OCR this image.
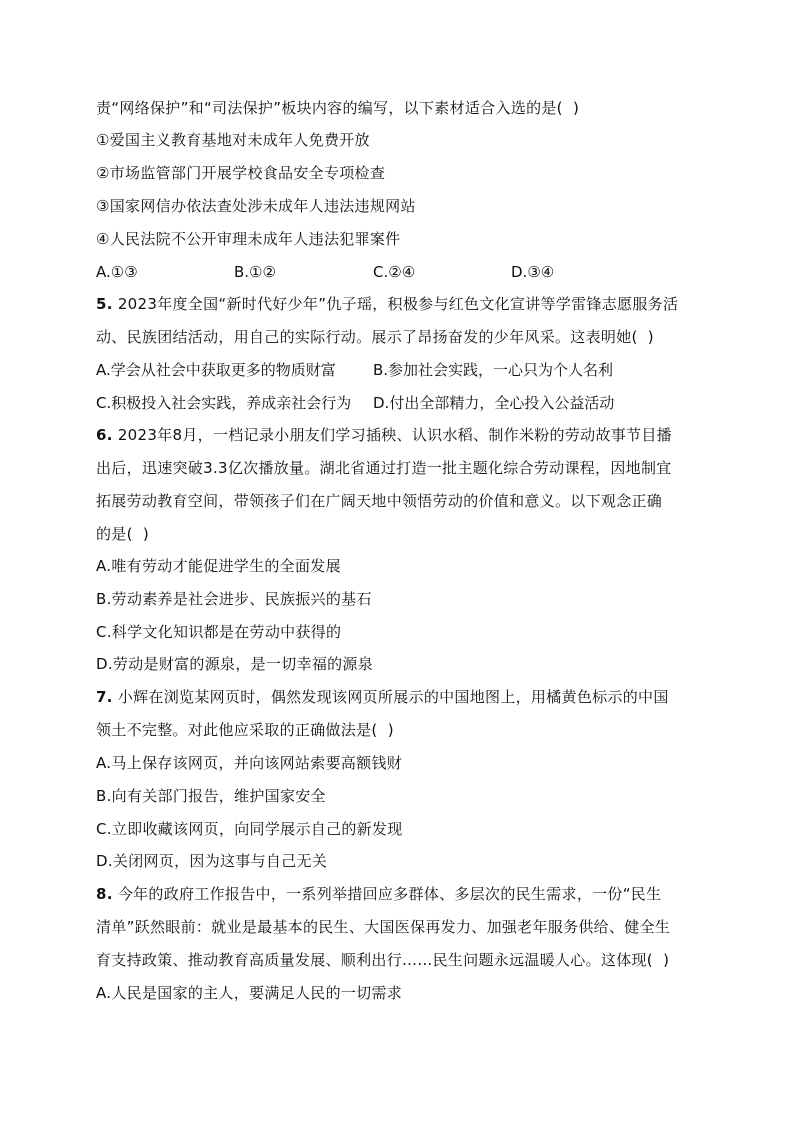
责“网络保护”和“司法保护”板块内容的编写，以下素材适合入选的是(  )
①爱国主义教育基地对未成年人免费开放
②市场监管部门开展学校食品安全专项检查
③国家网信办依法查处涉未成年人违法违规网站
④人民法院不公开审理未成年人违法犯罪案件
A.①③	B.①②	C.②④	D.③④
5. 2023年度全国“新时代好少年”仇子瑶，积极参与红色文化宣讲等学雷锋志愿服务活
动、民族团结活动，用自己的实际行动。展示了昂扬奋发的少年风采。这表明她(  )
A.学会从社会中获取更多的物质财富 B.参加社会实践，一心只为个人名利
C.积极投入社会实践，养成亲社会行为 D.付出全部精力，全心投入公益活动
6. 2023年8月，一档记录小朋友们学习插秧、认识水稻、制作米粉的劳动故事节目播
出后，迅速突破3.3亿次播放量。湖北省通过打造一批主题化综合劳动课程，因地制宜
拓展劳动教育空间，带领孩子们在广阔天地中领悟劳动的价值和意义。以下观念正确
的是(  )
A.唯有劳动才能促进学生的全面发展
B.劳动素养是社会进步、民族振兴的基石
C.科学文化知识都是在劳动中获得的
D.劳动是财富的源泉，是一切幸福的源泉
7. 小辉在浏览某网页时，偶然发现该网页所展示的中国地图上，用橘黄色标示的中国
领土不完整。对此他应采取的正确做法是(  )
A.马上保存该网页，并向该网站索要高额钱财
B.向有关部门报告，维护国家安全
C.立即收藏该网页，向同学展示自己的新发现
D.关闭网页，因为这事与自己无关
8. 今年的政府工作报告中，一系列举措回应多群体、多层次的民生需求，一份“民生
清单”跃然眼前：就业是最基本的民生、大国医保再发力、加强老年服务供给、健全生
育支持政策、推动教育高质量发展、顺利出行……民生问题永远温暖人心。这体现(  )
A.人民是国家的主人，要满足人民的一切需求
